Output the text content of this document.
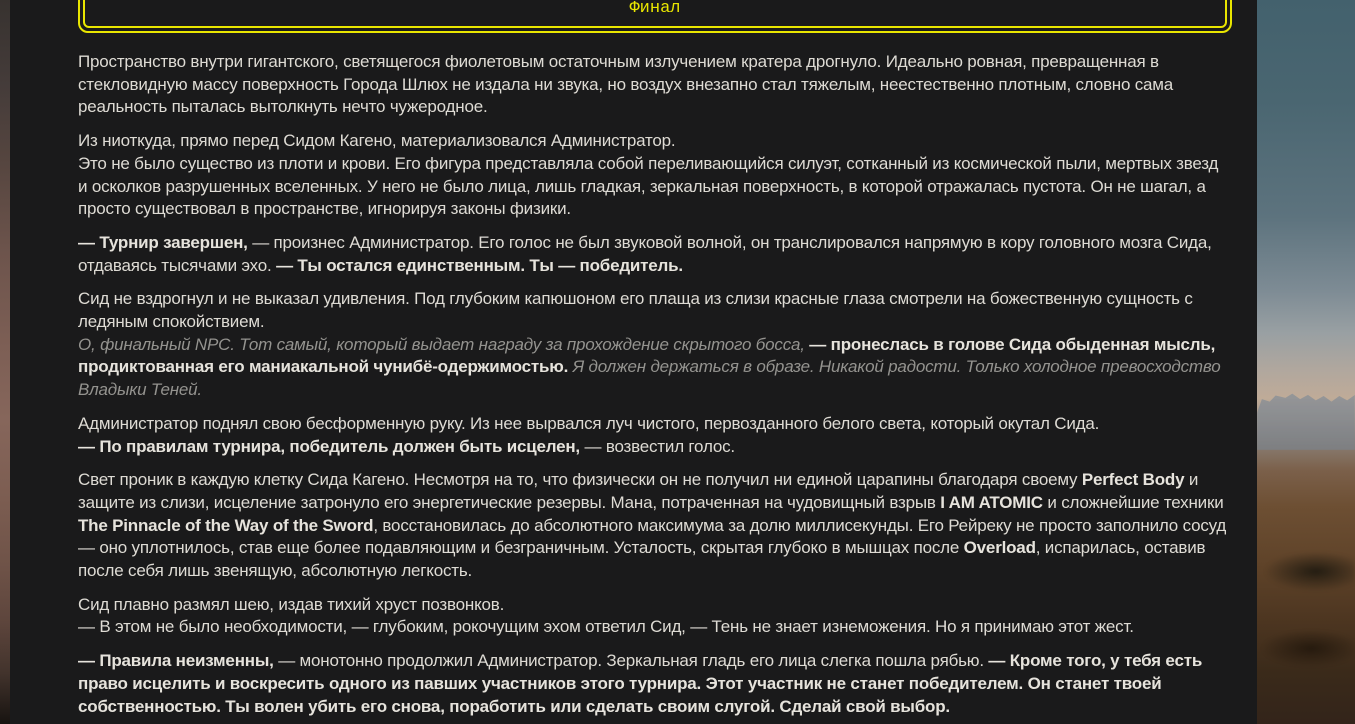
Финал

Пространство внутри гигантского, светящегося фиолетовым остаточным излучением кратера дрогнуло. Идеально ровная, превращенная в стекловидную массу поверхность Города Шлюх не издала ни звука, но воздух внезапно стал тяжелым, неестественно плотным, словно сама реальность пыталась вытолкнуть нечто чужеродное.

Из ниоткуда, прямо перед Сидом Кагено, материализовался Администратор.
Это не было существо из плоти и крови. Его фигура представляла собой переливающийся силуэт, сотканный из космической пыли, мертвых звезд и осколков разрушенных вселенных. У него не было лица, лишь гладкая, зеркальная поверхность, в которой отражалась пустота. Он не шагал, а просто существовал в пространстве, игнорируя законы физики.

— Турнир завершен, — произнес Администратор. Его голос не был звуковой волной, он транслировался напрямую в кору головного мозга Сида, отдаваясь тысячами эхо. — Ты остался единственным. Ты — победитель.

Сид не вздрогнул и не выказал удивления. Под глубоким капюшоном его плаща из слизи красные глаза смотрели на божественную сущность с ледяным спокойствием.
О, финальный NPC. Тот самый, который выдает награду за прохождение скрытого босса, — пронеслась в голове Сида обыденная мысль, продиктованная его маниакальной чунибё-одержимостью. Я должен держаться в образе. Никакой радости. Только холодное превосходство Владыки Теней.

Администратор поднял свою бесформенную руку. Из нее вырвался луч чистого, первозданного белого света, который окутал Сида.
— По правилам турнира, победитель должен быть исцелен, — возвестил голос.

Свет проник в каждую клетку Сида Кагено. Несмотря на то, что физически он не получил ни единой царапины благодаря своему Perfect Body и защите из слизи, исцеление затронуло его энергетические резервы. Мана, потраченная на чудовищный взрыв I AM ATOMIC и сложнейшие техники The Pinnacle of the Way of the Sword, восстановилась до абсолютного максимума за долю миллисекунды. Его Рейреку не просто заполнило сосуд — оно уплотнилось, став еще более подавляющим и безграничным. Усталость, скрытая глубоко в мышцах после Overload, испарилась, оставив после себя лишь звенящую, абсолютную легкость.

Сид плавно размял шею, издав тихий хруст позвонков.
— В этом не было необходимости, — глубоким, рокочущим эхом ответил Сид, — Тень не знает изнеможения. Но я принимаю этот жест.

— Правила неизменны, — монотонно продолжил Администратор. Зеркальная гладь его лица слегка пошла рябью. — Кроме того, у тебя есть право исцелить и воскресить одного из павших участников этого турнира. Этот участник не станет победителем. Он станет твоей собственностью. Ты волен убить его снова, поработить или сделать своим слугой. Сделай свой выбор.
